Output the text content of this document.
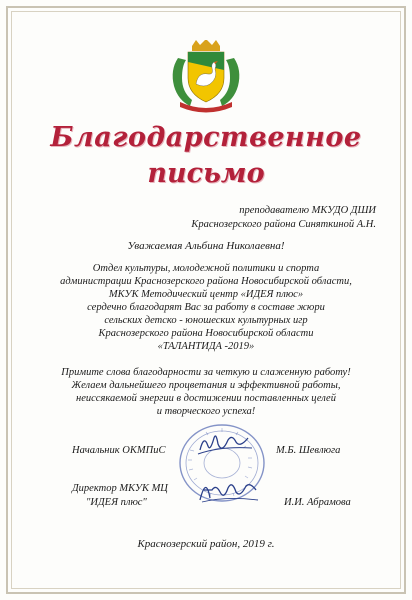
Благодарственное
письмо
преподавателю МКУДО ДШИ
Краснозерского района Синяткиной А.Н.
Уважаемая Альбина Николаевна!
Отдел культуры, молодежной политики и спорта
администрации Краснозерского района Новосибирской области,
МКУК Методический центр «ИДЕЯ плюс»
сердечно благодарят Вас за работу в составе жюри
сельских детско - юношеских культурных игр
Краснозерского района Новосибирской области
«ТАЛАНТИДА -2019»
Примите слова благодарности за четкую и слаженную работу!
Желаем дальнейшего процветания и эффективной работы,
неиссякаемой энергии в достижении поставленных целей
и творческого успеха!
Начальник ОКМПиС	М.Б. Шевлюга
Директор МКУК МЦ
"ИДЕЯ плюс"	И.И. Абрамова
Краснозерский район, 2019 г.
